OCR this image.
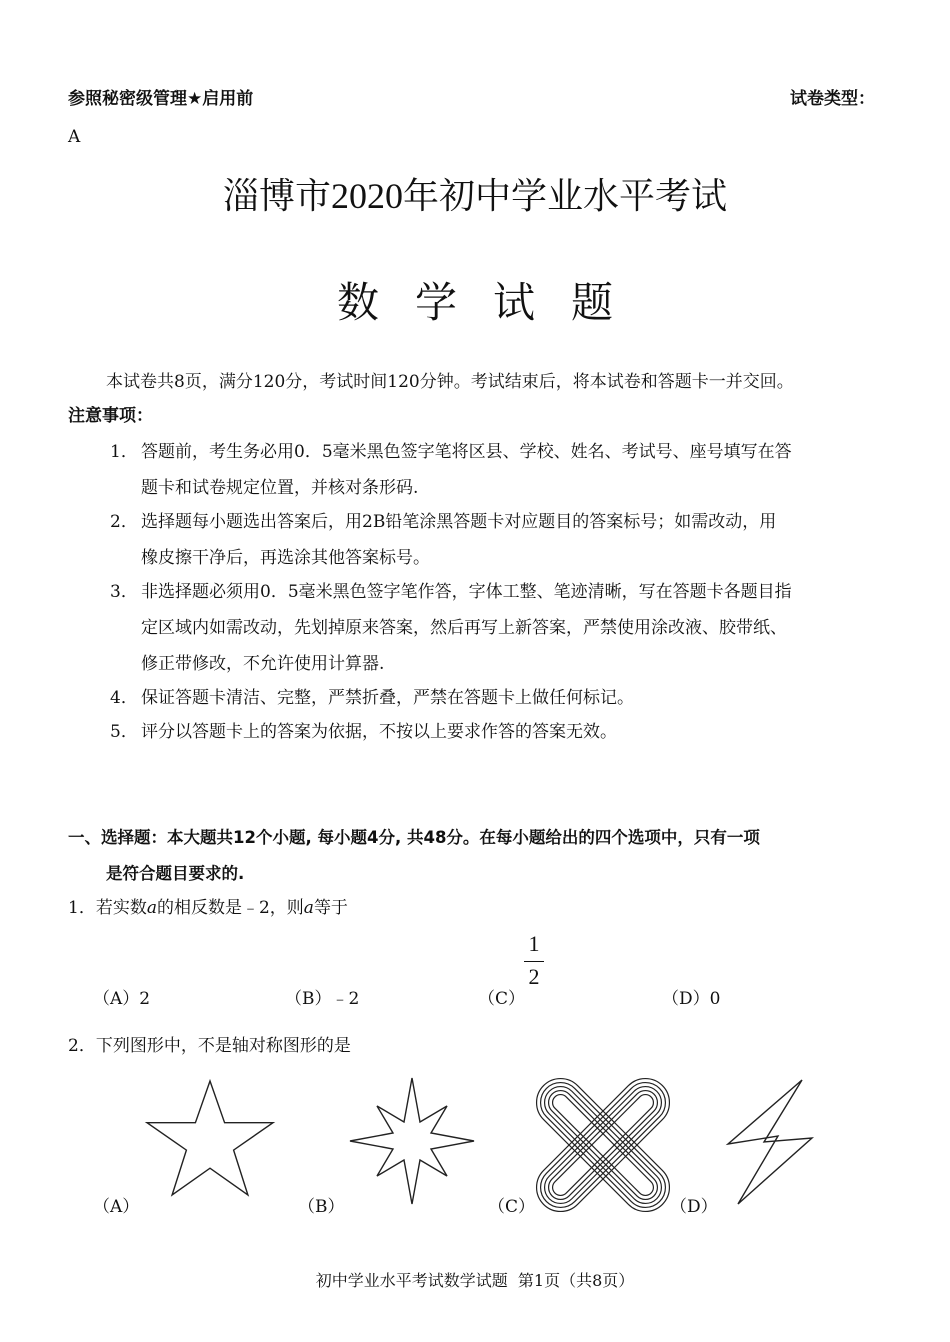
参照秘密级管理★启用前	试卷类型：
A
淄博市2020年初中学业水平考试
数 学 试 题
本试卷共8页，满分120分，考试时间120分钟。考试结束后，将本试卷和答题卡一并交回。
注意事项：
1． 答题前，考生务必用0．5毫米黑色签字笔将区县、学校、姓名、考试号、座号填写在答
题卡和试卷规定位置，并核对条形码.
2． 选择题每小题选出答案后，用2B铅笔涂黑答题卡对应题目的答案标号；如需改动，用
橡皮擦干净后，再选涂其他答案标号。
3． 非选择题必须用0．5毫米黑色签字笔作答，字体工整、笔迹清晰，写在答题卡各题目指
定区域内如需改动，先划掉原来答案，然后再写上新答案，严禁使用涂改液、胶带纸、
修正带修改，不允许使用计算器.
4． 保证答题卡清洁、完整，严禁折叠，严禁在答题卡上做任何标记。
5． 评分以答题卡上的答案为依据，不按以上要求作答的答案无效。
一、选择题：本大题共12个小题, 每小题4分, 共48分。在每小题给出的四个选项中，只有一项
是符合题目要求的.
1．若实数a的相反数是﹣2，则a等于
（A）2	（B）﹣2	（C）
1
2
（D）0
2．下列图形中，不是轴对称图形的是
（A）	（B）	（C）	（D）
初中学业水平考试数学试题  第1页（共8页）
